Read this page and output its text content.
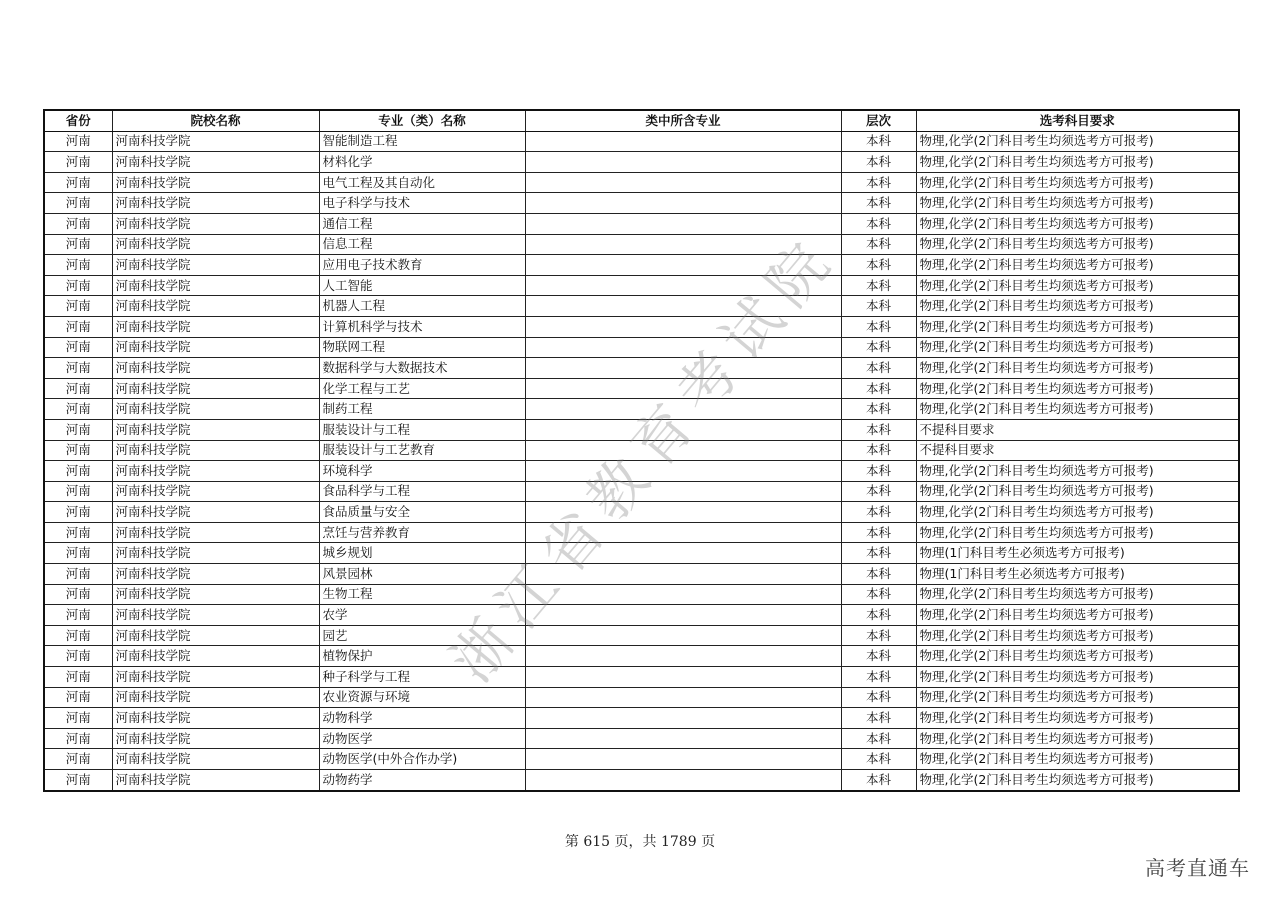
省份	院校名称	专业（类）名称	类中所含专业	层次	选考科目要求
河南	河南科技学院	智能制造工程		本科	物理,化学(2门科目考生均须选考方可报考)
河南	河南科技学院	材料化学		本科	物理,化学(2门科目考生均须选考方可报考)
河南	河南科技学院	电气工程及其自动化		本科	物理,化学(2门科目考生均须选考方可报考)
河南	河南科技学院	电子科学与技术		本科	物理,化学(2门科目考生均须选考方可报考)
河南	河南科技学院	通信工程		本科	物理,化学(2门科目考生均须选考方可报考)
河南	河南科技学院	信息工程		本科	物理,化学(2门科目考生均须选考方可报考)
河南	河南科技学院	应用电子技术教育		本科	物理,化学(2门科目考生均须选考方可报考)
河南	河南科技学院	人工智能		本科	物理,化学(2门科目考生均须选考方可报考)
河南	河南科技学院	机器人工程		本科	物理,化学(2门科目考生均须选考方可报考)
河南	河南科技学院	计算机科学与技术		本科	物理,化学(2门科目考生均须选考方可报考)
河南	河南科技学院	物联网工程		本科	物理,化学(2门科目考生均须选考方可报考)
河南	河南科技学院	数据科学与大数据技术		本科	物理,化学(2门科目考生均须选考方可报考)
河南	河南科技学院	化学工程与工艺		本科	物理,化学(2门科目考生均须选考方可报考)
河南	河南科技学院	制药工程		本科	物理,化学(2门科目考生均须选考方可报考)
河南	河南科技学院	服装设计与工程		本科	不提科目要求
河南	河南科技学院	服装设计与工艺教育		本科	不提科目要求
河南	河南科技学院	环境科学		本科	物理,化学(2门科目考生均须选考方可报考)
河南	河南科技学院	食品科学与工程		本科	物理,化学(2门科目考生均须选考方可报考)
河南	河南科技学院	食品质量与安全		本科	物理,化学(2门科目考生均须选考方可报考)
河南	河南科技学院	烹饪与营养教育		本科	物理,化学(2门科目考生均须选考方可报考)
河南	河南科技学院	城乡规划		本科	物理(1门科目考生必须选考方可报考)
河南	河南科技学院	风景园林		本科	物理(1门科目考生必须选考方可报考)
河南	河南科技学院	生物工程		本科	物理,化学(2门科目考生均须选考方可报考)
河南	河南科技学院	农学		本科	物理,化学(2门科目考生均须选考方可报考)
河南	河南科技学院	园艺		本科	物理,化学(2门科目考生均须选考方可报考)
河南	河南科技学院	植物保护		本科	物理,化学(2门科目考生均须选考方可报考)
河南	河南科技学院	种子科学与工程		本科	物理,化学(2门科目考生均须选考方可报考)
河南	河南科技学院	农业资源与环境		本科	物理,化学(2门科目考生均须选考方可报考)
河南	河南科技学院	动物科学		本科	物理,化学(2门科目考生均须选考方可报考)
河南	河南科技学院	动物医学		本科	物理,化学(2门科目考生均须选考方可报考)
河南	河南科技学院	动物医学(中外合作办学)		本科	物理,化学(2门科目考生均须选考方可报考)
河南	河南科技学院	动物药学		本科	物理,化学(2门科目考生均须选考方可报考)
浙江省教育考试院
第 615 页，共 1789 页
高考直通车
